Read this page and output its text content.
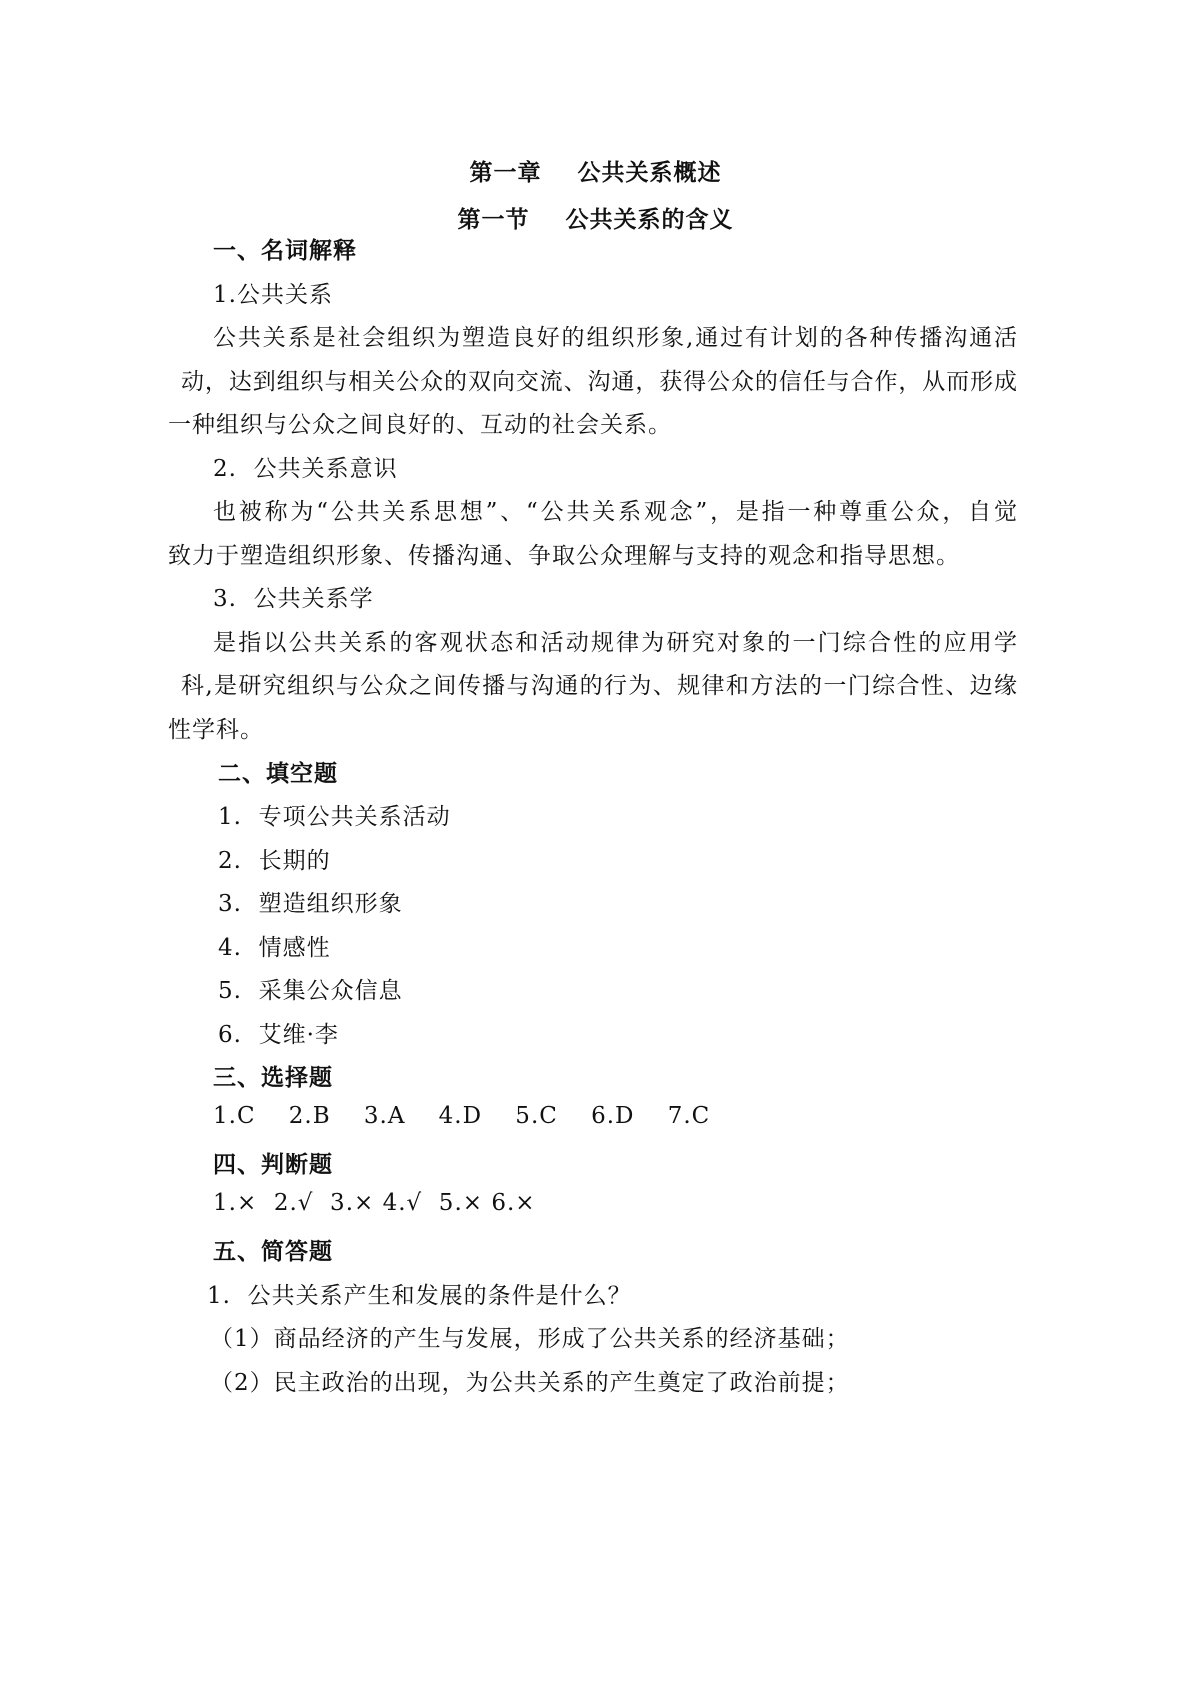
第一章    公共关系概述
第一节    公共关系的含义
一、名词解释
1.公共关系
公共关系是社会组织为塑造良好的组织形象,通过有计划的各种传播沟通活
动，达到组织与相关公众的双向交流、沟通，获得公众的信任与合作，从而形成
一种组织与公众之间良好的、互动的社会关系。
2.  公共关系意识
也被称为“公共关系思想”、“公共关系观念”，是指一种尊重公众，自觉
致力于塑造组织形象、传播沟通、争取公众理解与支持的观念和指导思想。
3.  公共关系学
是指以公共关系的客观状态和活动规律为研究对象的一门综合性的应用学
科,是研究组织与公众之间传播与沟通的行为、规律和方法的一门综合性、边缘
性学科。
二、填空题
1.  专项公共关系活动
2.  长期的
3.  塑造组织形象
4.  情感性
5.  采集公众信息
6.  艾维·李
三、选择题
1.C    2.B    3.A    4.D    5.C    6.D    7.C
四、判断题
1.×  2.√  3.× 4.√  5.× 6.×
五、简答题
1.  公共关系产生和发展的条件是什么？
（1）商品经济的产生与发展，形成了公共关系的经济基础；
（2）民主政治的出现，为公共关系的产生奠定了政治前提；
